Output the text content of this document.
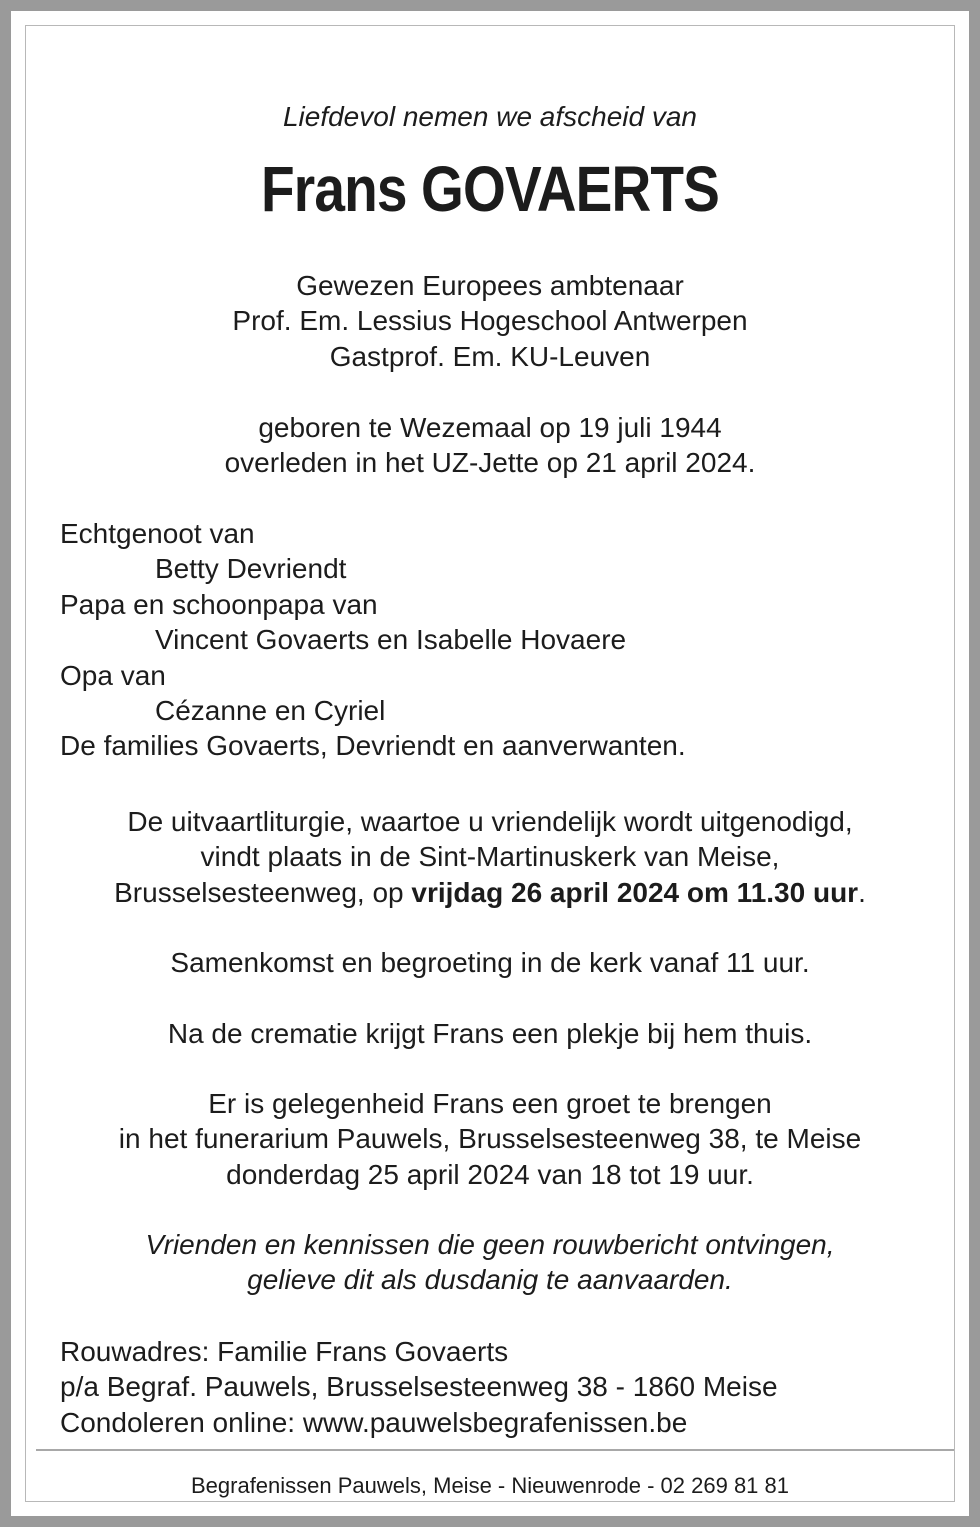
Liefdevol nemen we afscheid van
Frans GOVAERTS
Gewezen Europees ambtenaar
Prof. Em. Lessius Hogeschool Antwerpen
Gastprof. Em. KU-Leuven
geboren te Wezemaal op 19 juli 1944
overleden in het UZ-Jette op 21 april 2024.
Echtgenoot van
Betty Devriendt
Papa en schoonpapa van
Vincent Govaerts en Isabelle Hovaere
Opa van
Cézanne en Cyriel
De families Govaerts, Devriendt en aanverwanten.
De uitvaartliturgie, waartoe u vriendelijk wordt uitgenodigd,
vindt plaats in de Sint-Martinuskerk van Meise,
Brusselsesteenweg, op vrijdag 26 april 2024 om 11.30 uur.
Samenkomst en begroeting in de kerk vanaf 11 uur.
Na de crematie krijgt Frans een plekje bij hem thuis.
Er is gelegenheid Frans een groet te brengen
in het funerarium Pauwels, Brusselsesteenweg 38, te Meise
donderdag 25 april 2024 van 18 tot 19 uur.
Vrienden en kennissen die geen rouwbericht ontvingen,
gelieve dit als dusdanig te aanvaarden.
Rouwadres: Familie Frans Govaerts
p/a Begraf. Pauwels, Brusselsesteenweg 38 - 1860 Meise
Condoleren online: www.pauwelsbegrafenissen.be
Begrafenissen Pauwels, Meise - Nieuwenrode - 02 269 81 81
